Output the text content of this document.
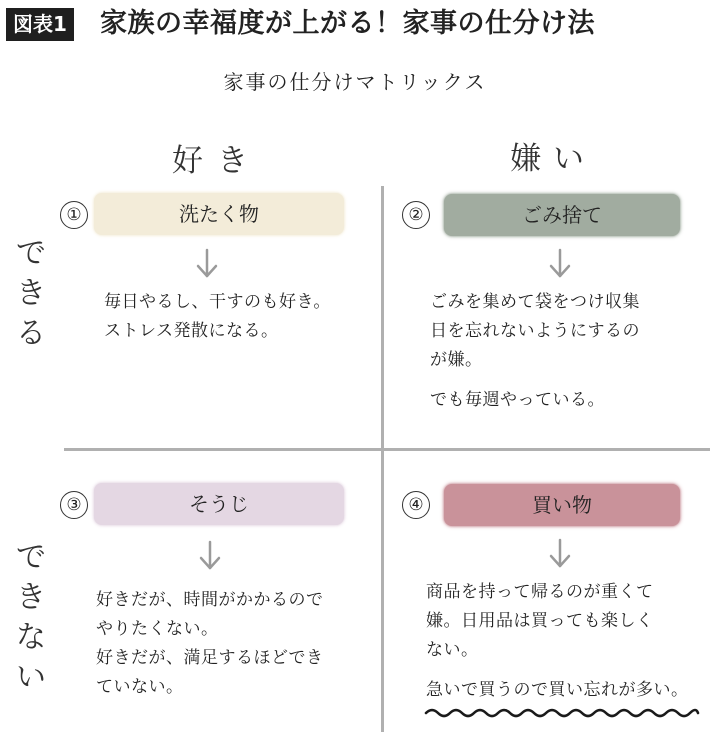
図表1 家族の幸福度が上がる！家事の仕分け法
家事の仕分けマトリックス
好き	嫌い
で
き
る
で
き
な
い
①	洗たく物

毎日やるし、干すのも好き。

ストレス発散になる。

②	ごみ捨て

ごみを集めて袋をつけ収集

日を忘れないようにするの

が嫌。

でも毎週やっている。
③	そうじ

好きだが、時間がかかるので

やりたくない。

好きだが、満足するほどでき

ていない。

④	買い物

商品を持って帰るのが重くて

嫌。日用品は買っても楽しく

ない。

急いで買うので買い忘れが多い。
